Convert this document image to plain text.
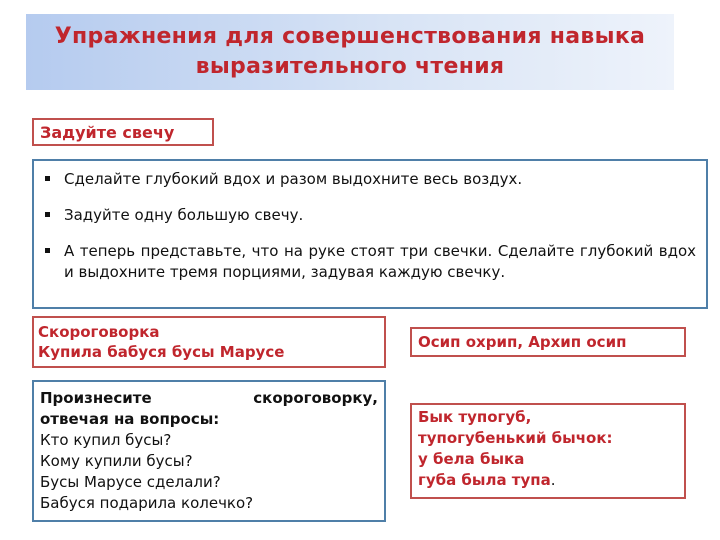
Упражнения для совершенствования навыка
выразительного чтения
Задуйте свечу
Сделайте глубокий вдох и разом выдохните весь воздух.
Задуйте одну большую свечу.
А теперь представьте, что на руке стоят три свечки. Сделайте глубокий вдох и выдохните тремя порциями, задувая каждую свечку.
Скороговорка
Купила бабуся бусы Марусе
Осип охрип, Архип осип
Произнесите скороговорку,
отвечая на вопросы:
Кто купил бусы?
Кому купили бусы?
Бусы Марусе сделали?
Бабуся подарила колечко?
Бык тупогуб,
тупогубенький бычок:
у бела быка
губа была тупа.
